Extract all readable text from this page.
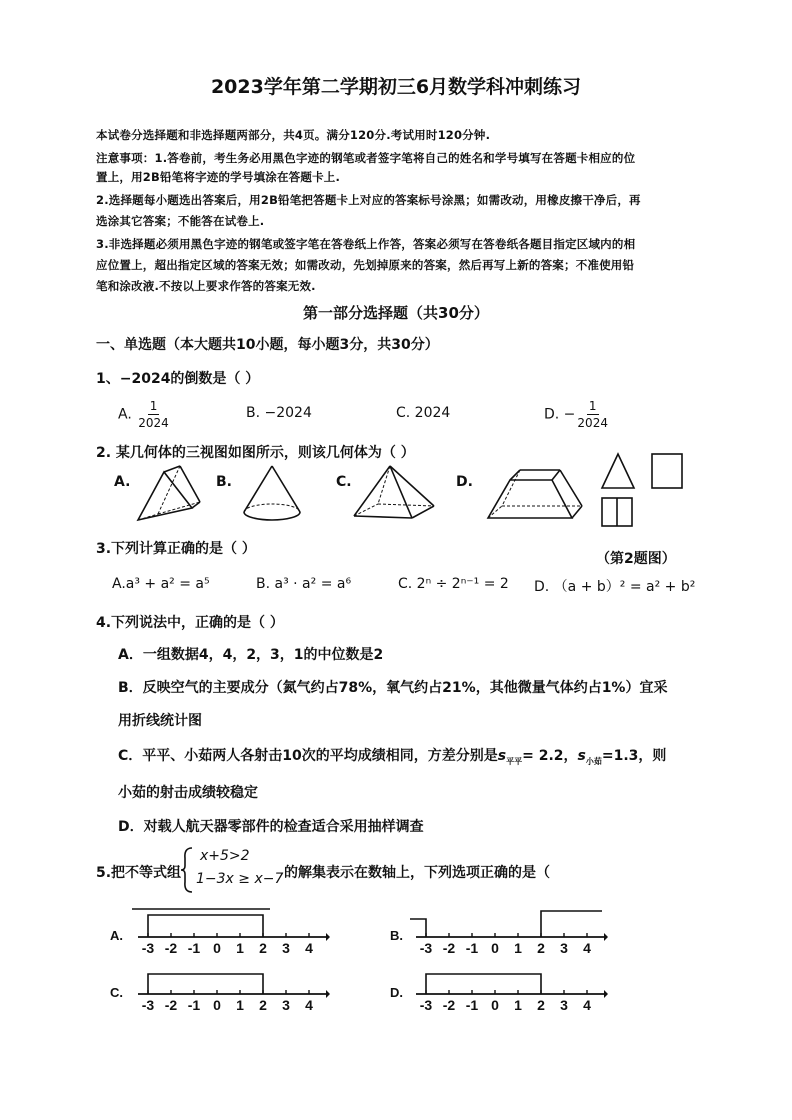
2023学年第二学期初三6月数学科冲刺练习
本试卷分选择题和非选择题两部分，共4页。满分120分.考试用时120分钟.
注意事项：1.答卷前，考生务必用黑色字迹的钢笔或者签字笔将自己的姓名和学号填写在答题卡相应的位
置上，用2B铅笔将字迹的学号填涂在答题卡上.
2.选择题每小题选出答案后，用2B铅笔把答题卡上对应的答案标号涂黑；如需改动，用橡皮擦干净后，再
选涂其它答案；不能答在试卷上.
3.非选择题必须用黑色字迹的钢笔或签字笔在答卷纸上作答，答案必须写在答卷纸各题目指定区域内的相
应位置上，超出指定区域的答案无效；如需改动，先划掉原来的答案，然后再写上新的答案；不准使用铅
笔和涂改液.不按以上要求作答的答案无效.
第一部分选择题（共30分）
一、单选题（本大题共10小题，每小题3分，共30分）
1、−2024的倒数是（ ）
A. $\frac{1}{2024}$	B. −2024	C. 2024	D. − $\frac{1}{2024}$
2. 某几何体的三视图如图所示，则该几何体为（ ）
A.	B.	C.	D.
（第2题图）
3.下列计算正确的是（ ）
A.a³ + a² = a⁵	B. a³ · a² = a⁶	C. 2ⁿ ÷ 2ⁿ⁻¹ = 2 D. （a + b）² = a² + b²
4.下列说法中，正确的是（ ）
A．一组数据4，4，2，3，1的中位数是2
B．反映空气的主要成分（氮气约占78%，氧气约占21%，其他微量气体约占1%）宜采
用折线统计图
C．平平、小茹两人各射击10次的平均成绩相同，方差分别是$s_{平平}= 2.2$，$s_{小茹}=1.3$，则
小茹的射击成绩较稳定
D．对载人航天器零部件的检查适合采用抽样调查
5.把不等式组
x+5>2
1−3x ≥ x−7 的解集表示在数轴上，下列选项正确的是（
A.	B.
C.	D.
-3 -2 -1 0 1 2 3 4	-3 -2 -1 0 1 2 3 4
-3 -2 -1 0 1 2 3 4	-3 -2 -1 0 1 2 3 4
